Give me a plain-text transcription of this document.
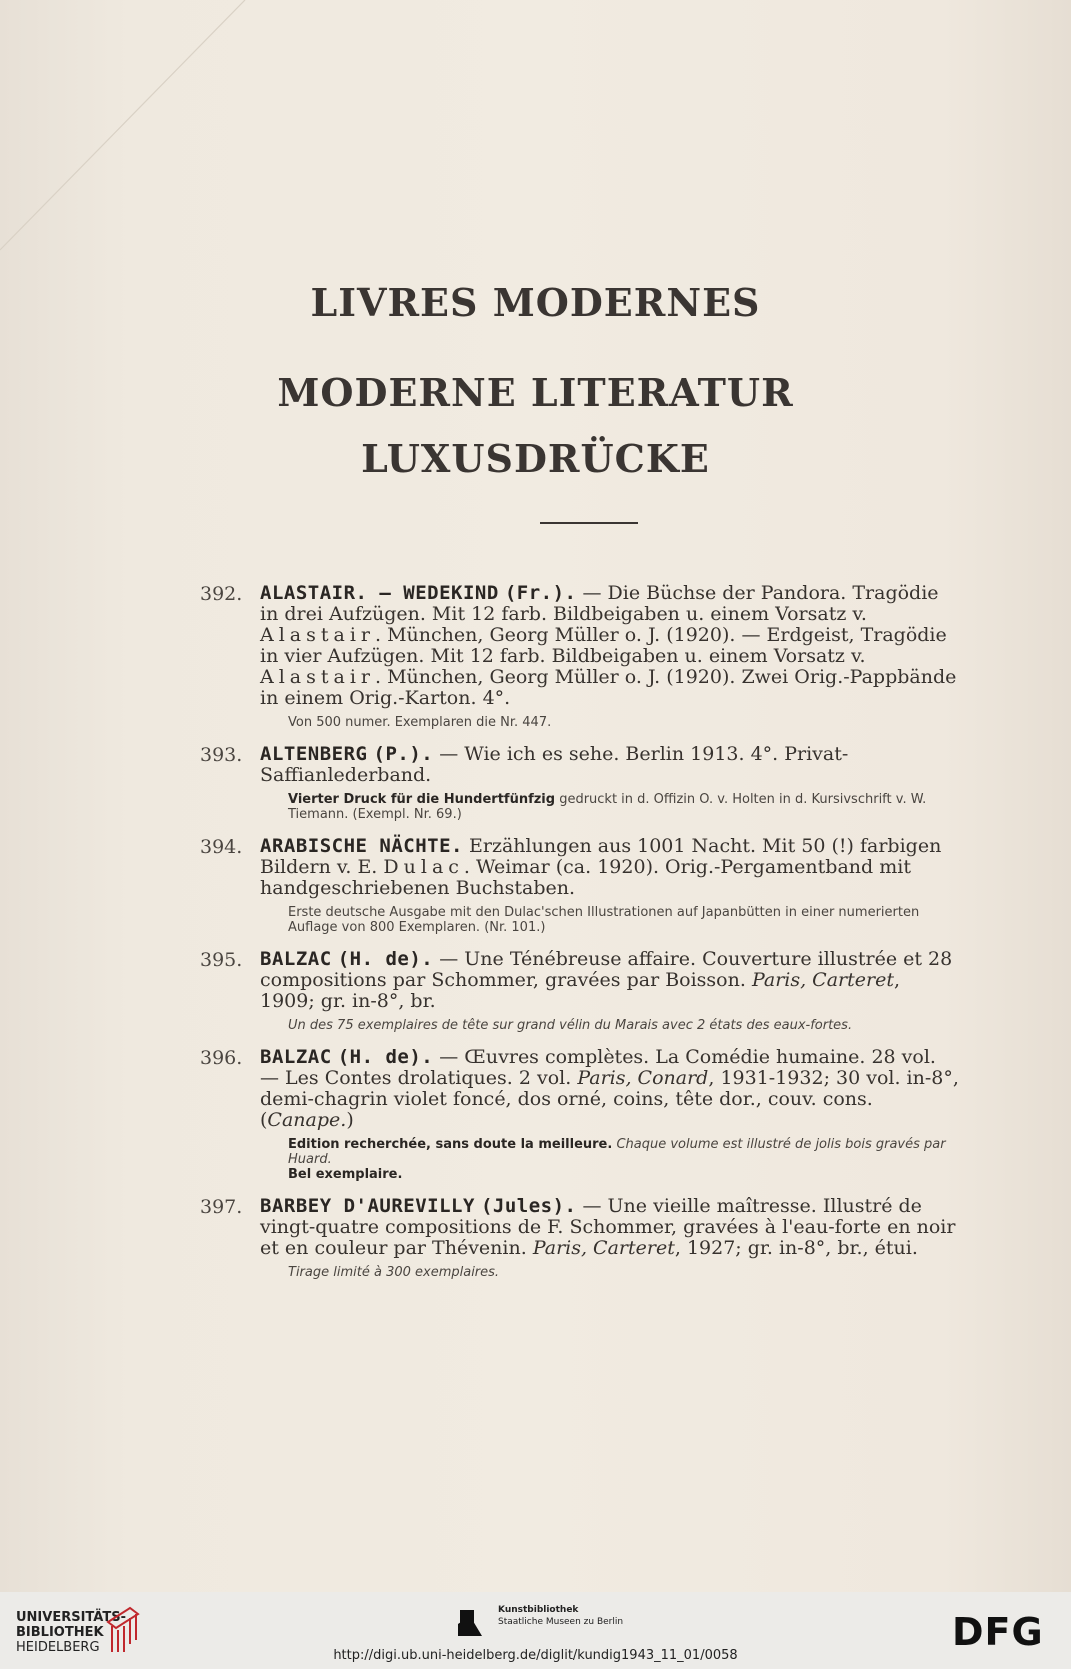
LIVRES MODERNES
MODERNE LITERATUR
LUXUSDRÜCKE
392. ALASTAIR. — WEDEKIND (Fr.). — Die Büchse der Pandora. Tragödie in drei Aufzügen. Mit 12 farb. Bildbeigaben u. einem Vorsatz v. Alastair. München, Georg Müller o. J. (1920). — Erdgeist, Tragödie in vier Aufzügen. Mit 12 farb. Bildbeigaben u. einem Vorsatz v. Alastair. München, Georg Müller o. J. (1920). Zwei Orig.-Pappbände in einem Orig.-Karton. 4°.
Von 500 numer. Exemplaren die Nr. 447.
393. ALTENBERG (P.). — Wie ich es sehe. Berlin 1913. 4°. Privat-Saffianlederband.
Vierter Druck für die Hundertfünfzig gedruckt in d. Offizin O. v. Holten in d. Kursivschrift v. W. Tiemann. (Exempl. Nr. 69.)
394. ARABISCHE NÄCHTE. Erzählungen aus 1001 Nacht. Mit 50 (!) farbigen Bildern v. E. Dulac. Weimar (ca. 1920). Orig.-Pergamentband mit handgeschriebenen Buchstaben.
Erste deutsche Ausgabe mit den Dulac'schen Illustrationen auf Japanbütten in einer numerierten Auflage von 800 Exemplaren. (Nr. 101.)
395. BALZAC (H. de). — Une Ténébreuse affaire. Couverture illustrée et 28 compositions par Schommer, gravées par Boisson. Paris, Carteret, 1909; gr. in-8°, br.
Un des 75 exemplaires de tête sur grand vélin du Marais avec 2 états des eaux-fortes.
396. BALZAC (H. de). — Œuvres complètes. La Comédie humaine. 28 vol. — Les Contes drolatiques. 2 vol. Paris, Conard, 1931-1932; 30 vol. in-8°, demi-chagrin violet foncé, dos orné, coins, tête dor., couv. cons. (Canape.)
Edition recherchée, sans doute la meilleure. Chaque volume est illustré de jolis bois gravés par Huard.
Bel exemplaire.
397. BARBEY D'AUREVILLY (Jules). — Une vieille maîtresse. Illustré de vingt-quatre compositions de F. Schommer, gravées à l'eau-forte en noir et en couleur par Thévenin. Paris, Carteret, 1927; gr. in-8°, br., étui.
Tirage limité à 300 exemplaires.
UNIVERSITÄTS-
BIBLIOTHEK
HEIDELBERG
Kunstbibliothek
Staatliche Museen zu Berlin	DFG
http://digi.ub.uni-heidelberg.de/diglit/kundig1943_11_01/0058
